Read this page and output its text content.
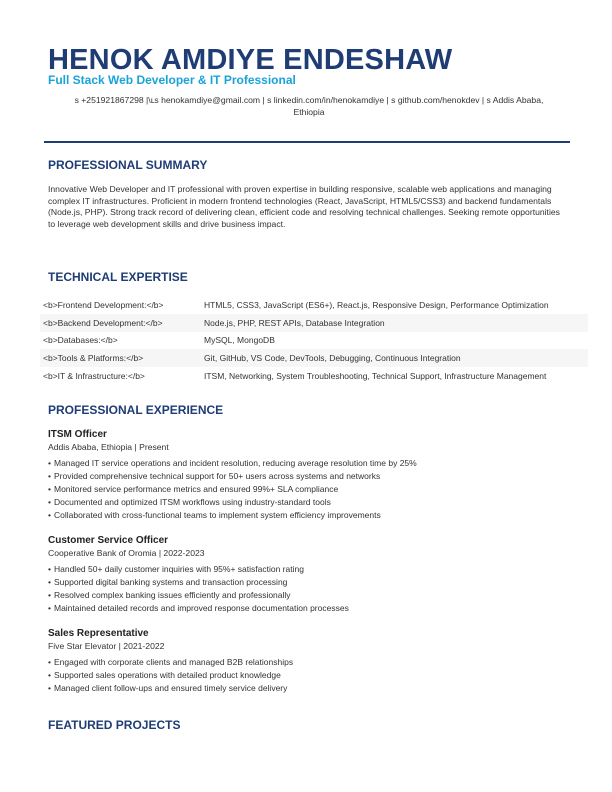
HENOK AMDIYE ENDESHAW
Full Stack Web Developer & IT Professional
s +251921867298 |\ւs henokamdiye@gmail.com | s linkedin.com/in/henokamdiye | s github.com/henokdev | s Addis Ababa,
Ethiopia
PROFESSIONAL SUMMARY
Innovative Web Developer and IT professional with proven expertise in building responsive, scalable web applications and managing complex IT infrastructures. Proficient in modern frontend technologies (React, JavaScript, HTML5/CSS3) and backend fundamentals (Node.js, PHP). Strong track record of delivering clean, efficient code and resolving technical challenges. Seeking remote opportunities to leverage web development skills and drive business impact.
TECHNICAL EXPERTISE
<b>Frontend Development:</b>	HTML5, CSS3, JavaScript (ES6+), React.js, Responsive Design, Performance Optimization
<b>Backend Development:</b>	Node.js, PHP, REST APIs, Database Integration
<b>Databases:</b>	MySQL, MongoDB
<b>Tools & Platforms:</b>	Git, GitHub, VS Code, DevTools, Debugging, Continuous Integration
<b>IT & Infrastructure:</b>	ITSM, Networking, System Troubleshooting, Technical Support, Infrastructure Management
PROFESSIONAL EXPERIENCE
ITSM Officer
Addis Ababa, Ethiopia | Present
• Managed IT service operations and incident resolution, reducing average resolution time by 25%
• Provided comprehensive technical support for 50+ users across systems and networks
• Monitored service performance metrics and ensured 99%+ SLA compliance
• Documented and optimized ITSM workflows using industry-standard tools
• Collaborated with cross-functional teams to implement system efficiency improvements
Customer Service Officer
Cooperative Bank of Oromia | 2022-2023
• Handled 50+ daily customer inquiries with 95%+ satisfaction rating
• Supported digital banking systems and transaction processing
• Resolved complex banking issues efficiently and professionally
• Maintained detailed records and improved response documentation processes
Sales Representative
Five Star Elevator | 2021-2022
• Engaged with corporate clients and managed B2B relationships
• Supported sales operations with detailed product knowledge
• Managed client follow-ups and ensured timely service delivery
FEATURED PROJECTS
